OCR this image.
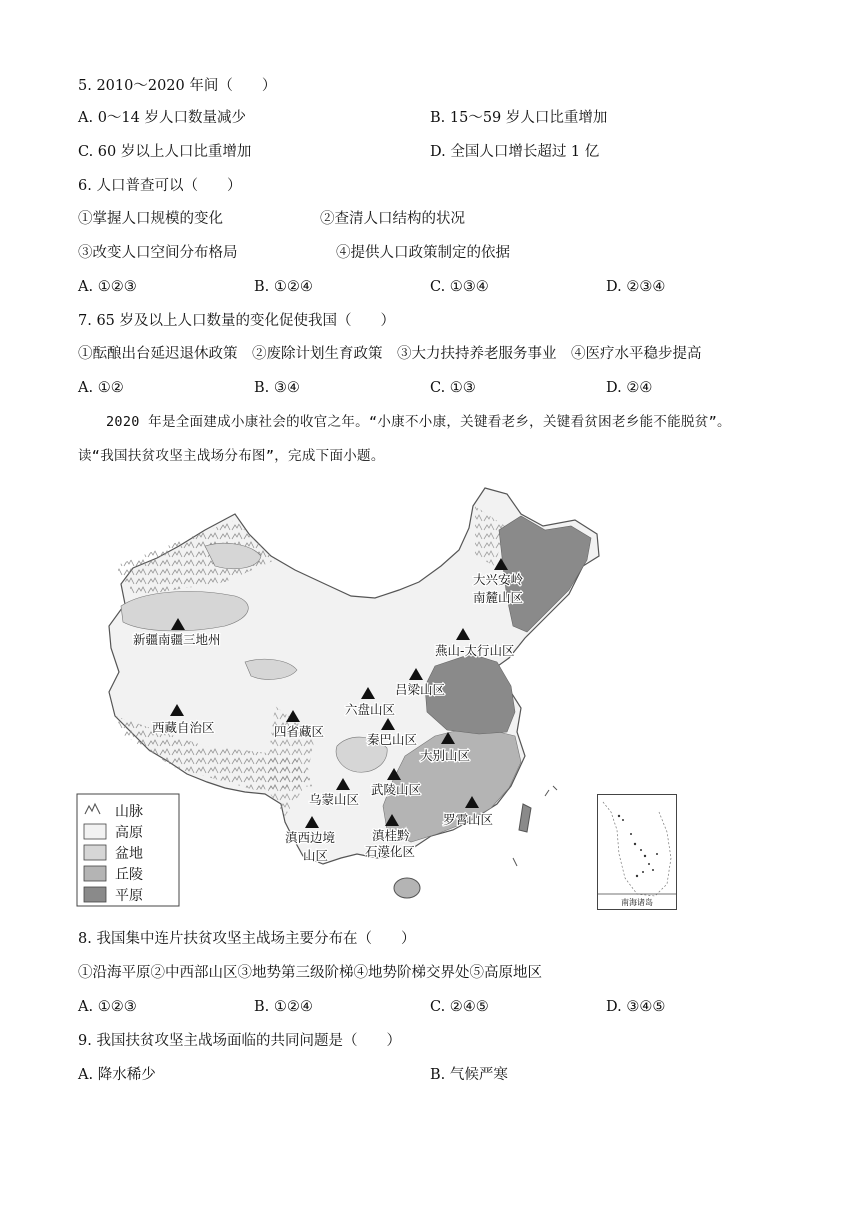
5. 2010～2020 年间（　　）
A. 0～14 岁人口数量减少	B. 15～59 岁人口比重增加
C. 60 岁以上人口比重增加	D. 全国人口增长超过 1 亿
6. 人口普查可以（　　）
①掌握人口规模的变化	②查清人口结构的状况
③改变人口空间分布格局	④提供人口政策制定的依据
A. ①②③	B. ①②④	C. ①③④	D. ②③④
7. 65 岁及以上人口数量的变化促使我国（　　）
①酝酿出台延迟退休政策　②废除计划生育政策　③大力扶持养老服务事业　④医疗水平稳步提高
A. ①②	B. ③④	C. ①③	D. ②④
2020 年是全面建成小康社会的收官之年。“小康不小康，关键看老乡，关键看贫困老乡能不能脱贫”。
读“我国扶贫攻坚主战场分布图”，完成下面小题。
大兴安岭
南麓山区
燕山-太行山区
吕梁山区
六盘山区
新疆南疆三地州
西藏自治区	四省藏区
秦巴山区
大别山区
乌蒙山区
武陵山区
罗霄山区
滇西边境
山区
滇桂黔
石漠化区
山脉
高原
盆地
丘陵
平原	南海诸岛
8. 我国集中连片扶贫攻坚主战场主要分布在（　　）
①沿海平原②中西部山区③地势第三级阶梯④地势阶梯交界处⑤高原地区
A. ①②③	B. ①②④	C. ②④⑤	D. ③④⑤
9. 我国扶贫攻坚主战场面临的共同问题是（　　）
A. 降水稀少	B. 气候严寒
